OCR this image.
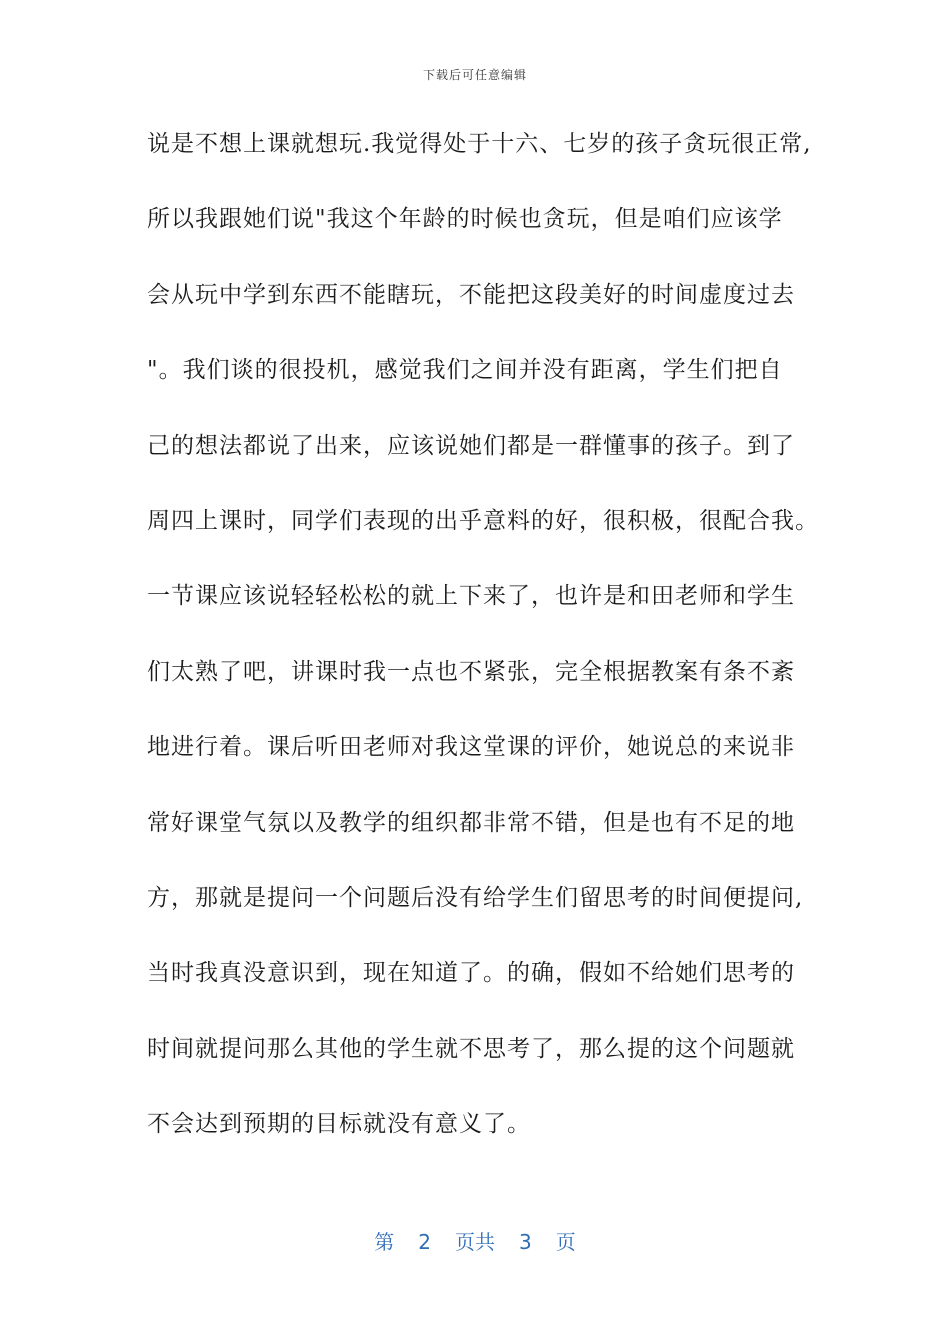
下载后可任意编辑
说是不想上课就想玩.我觉得处于十六、七岁的孩子贪玩很正常,
所以我跟她们说"我这个年龄的时候也贪玩，但是咱们应该学
会从玩中学到东西不能瞎玩，不能把这段美好的时间虚度过去
"。我们谈的很投机，感觉我们之间并没有距离，学生们把自
己的想法都说了出来，应该说她们都是一群懂事的孩子。到了
周四上课时，同学们表现的出乎意料的好，很积极，很配合我。
一节课应该说轻轻松松的就上下来了，也许是和田老师和学生
们太熟了吧，讲课时我一点也不紧张，完全根据教案有条不紊
地进行着。课后听田老师对我这堂课的评价，她说总的来说非
常好课堂气氛以及教学的组织都非常不错，但是也有不足的地
方，那就是提问一个问题后没有给学生们留思考的时间便提问,
当时我真没意识到，现在知道了。的确，假如不给她们思考的
时间就提问那么其他的学生就不思考了，那么提的这个问题就
不会达到预期的目标就没有意义了。
第 2 页共 3 页
